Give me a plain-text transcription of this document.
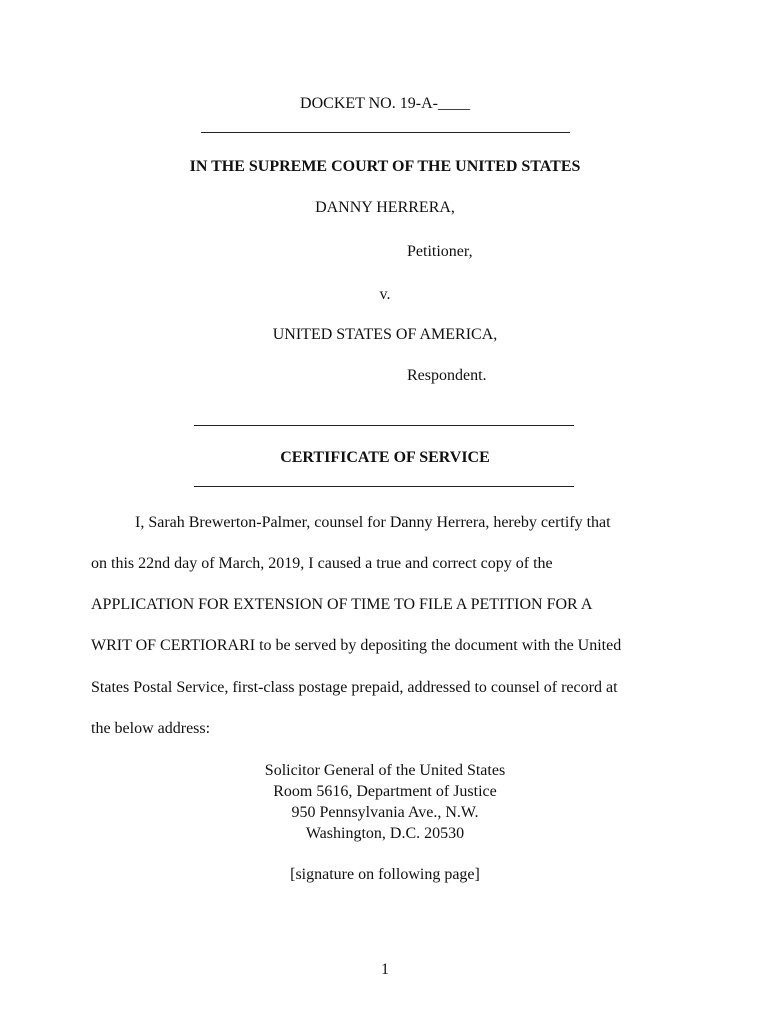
DOCKET NO. 19-A-____
IN THE SUPREME COURT OF THE UNITED STATES
DANNY HERRERA,
Petitioner,
v.
UNITED STATES OF AMERICA,
Respondent.
CERTIFICATE OF SERVICE
I, Sarah Brewerton-Palmer, counsel for Danny Herrera, hereby certify that
on this 22nd day of March, 2019, I caused a true and correct copy of the
APPLICATION FOR EXTENSION OF TIME TO FILE A PETITION FOR A
WRIT OF CERTIORARI to be served by depositing the document with the United
States Postal Service, first-class postage prepaid, addressed to counsel of record at
the below address:
Solicitor General of the United States
Room 5616, Department of Justice
950 Pennsylvania Ave., N.W.
Washington, D.C. 20530
[signature on following page]
1
